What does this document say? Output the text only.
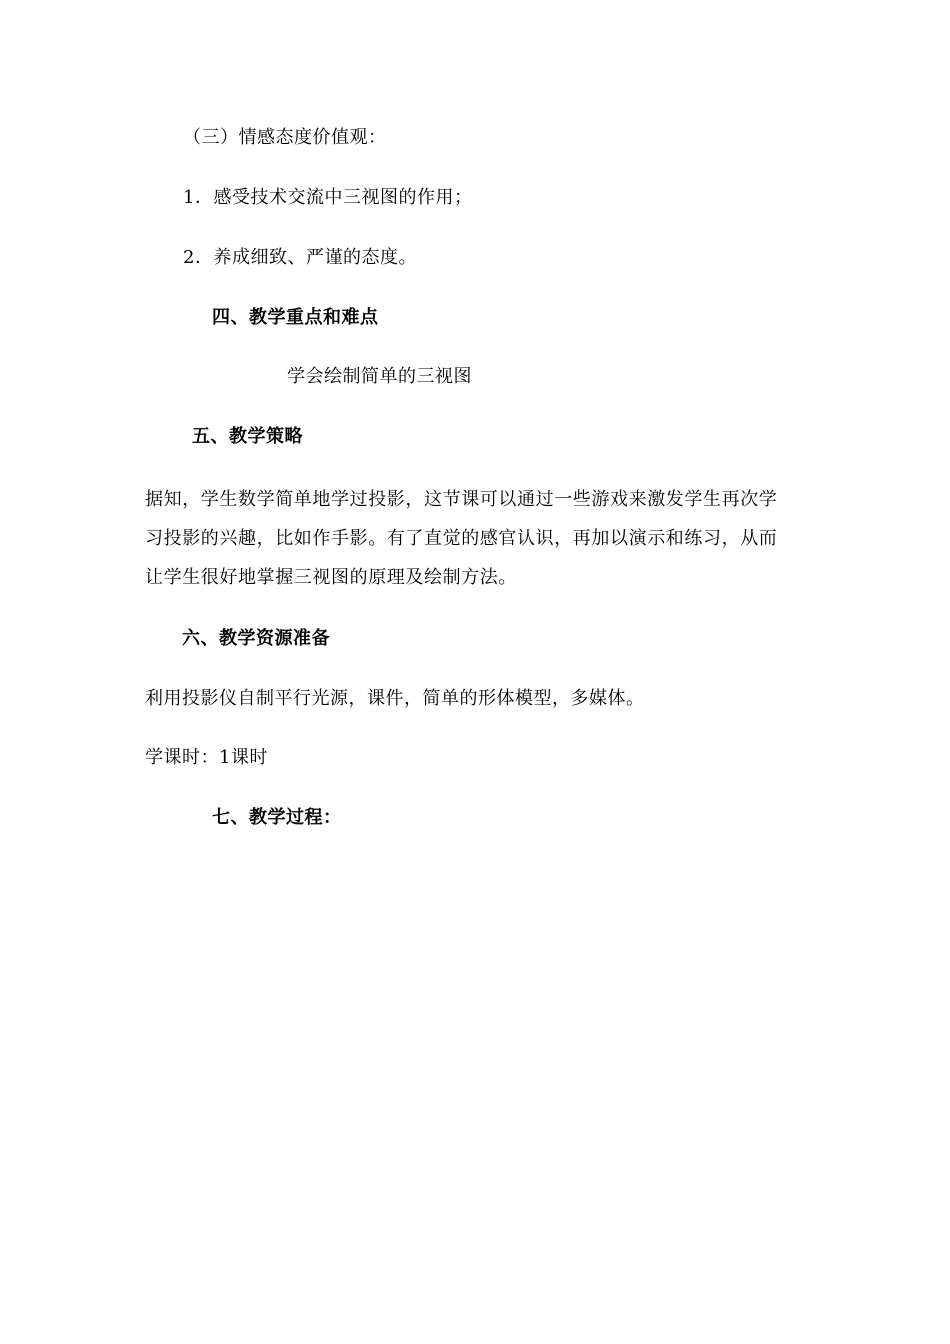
（三）情感态度价值观：
1．感受技术交流中三视图的作用；
2．养成细致、严谨的态度。
四、教学重点和难点
学会绘制简单的三视图
五、教学策略
据知，学生数学简单地学过投影，这节课可以通过一些游戏来激发学生再次学
习投影的兴趣，比如作手影。有了直觉的感官认识，再加以演示和练习，从而
让学生很好地掌握三视图的原理及绘制方法。
六、教学资源准备
利用投影仪自制平行光源，课件，简单的形体模型，多媒体。
学课时：1课时
七、教学过程：
